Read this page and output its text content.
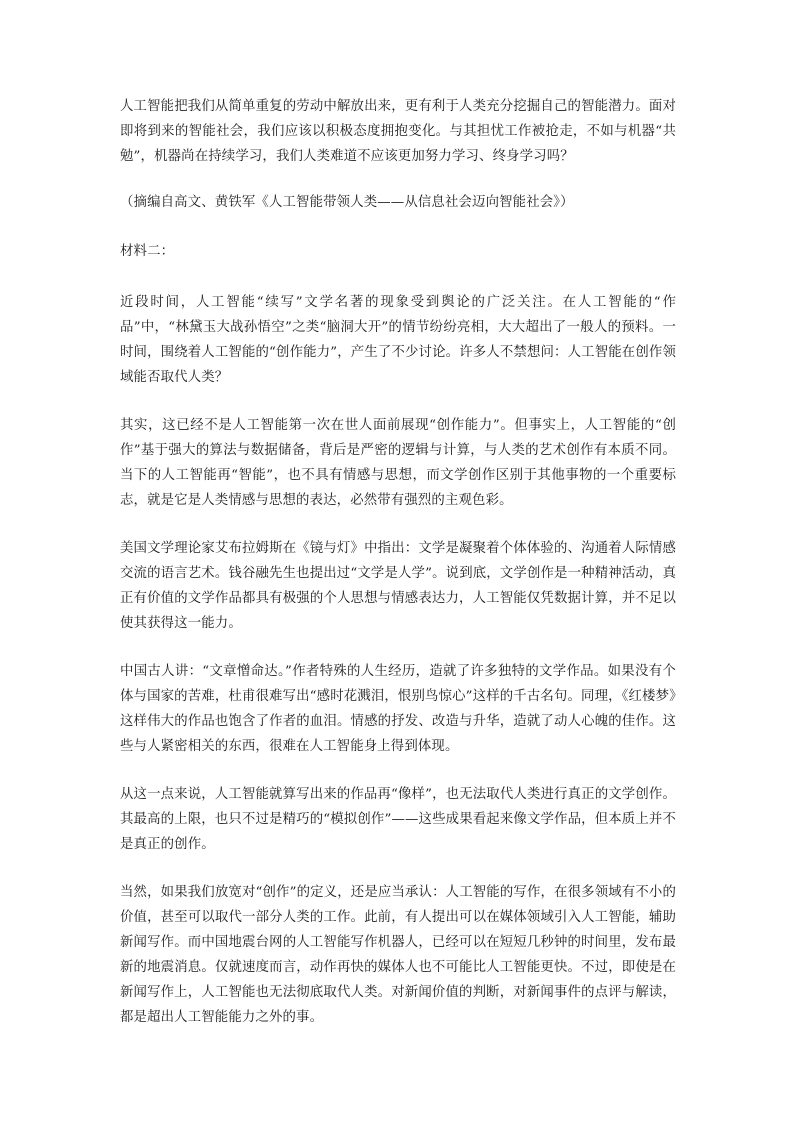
人工智能把我们从简单重复的劳动中解放出来，更有利于人类充分挖掘自己的智能潜力。面对即将到来的智能社会，我们应该以积极态度拥抱变化。与其担忧工作被抢走，不如与机器“共勉”，机器尚在持续学习，我们人类难道不应该更加努力学习、终身学习吗？

（摘编自高文、黄铁军《人工智能带领人类——从信息社会迈向智能社会》）

材料二：

近段时间，人工智能“续写”文学名著的现象受到舆论的广泛关注。在人工智能的“作品”中，“林黛玉大战孙悟空”之类“脑洞大开”的情节纷纷亮相，大大超出了一般人的预料。一时间，围绕着人工智能的“创作能力”，产生了不少讨论。许多人不禁想问：人工智能在创作领域能否取代人类？

其实，这已经不是人工智能第一次在世人面前展现“创作能力”。但事实上，人工智能的“创作”基于强大的算法与数据储备，背后是严密的逻辑与计算，与人类的艺术创作有本质不同。当下的人工智能再“智能”，也不具有情感与思想，而文学创作区别于其他事物的一个重要标志，就是它是人类情感与思想的表达，必然带有强烈的主观色彩。

美国文学理论家艾布拉姆斯在《镜与灯》中指出：文学是凝聚着个体体验的、沟通着人际情感交流的语言艺术。钱谷融先生也提出过“文学是人学”。说到底，文学创作是一种精神活动，真正有价值的文学作品都具有极强的个人思想与情感表达力，人工智能仅凭数据计算，并不足以使其获得这一能力。

中国古人讲：“文章憎命达。”作者特殊的人生经历，造就了许多独特的文学作品。如果没有个体与国家的苦难，杜甫很难写出“感时花溅泪，恨别鸟惊心”这样的千古名句。同理，《红楼梦》这样伟大的作品也饱含了作者的血泪。情感的抒发、改造与升华，造就了动人心魄的佳作。这些与人紧密相关的东西，很难在人工智能身上得到体现。

从这一点来说，人工智能就算写出来的作品再“像样”，也无法取代人类进行真正的文学创作。其最高的上限，也只不过是精巧的“模拟创作”——这些成果看起来像文学作品，但本质上并不是真正的创作。

当然，如果我们放宽对“创作”的定义，还是应当承认：人工智能的写作，在很多领域有不小的价值，甚至可以取代一部分人类的工作。此前，有人提出可以在媒体领域引入人工智能，辅助新闻写作。而中国地震台网的人工智能写作机器人，已经可以在短短几秒钟的时间里，发布最新的地震消息。仅就速度而言，动作再快的媒体人也不可能比人工智能更快。不过，即使是在新闻写作上，人工智能也无法彻底取代人类。对新闻价值的判断，对新闻事件的点评与解读，都是超出人工智能能力之外的事。
